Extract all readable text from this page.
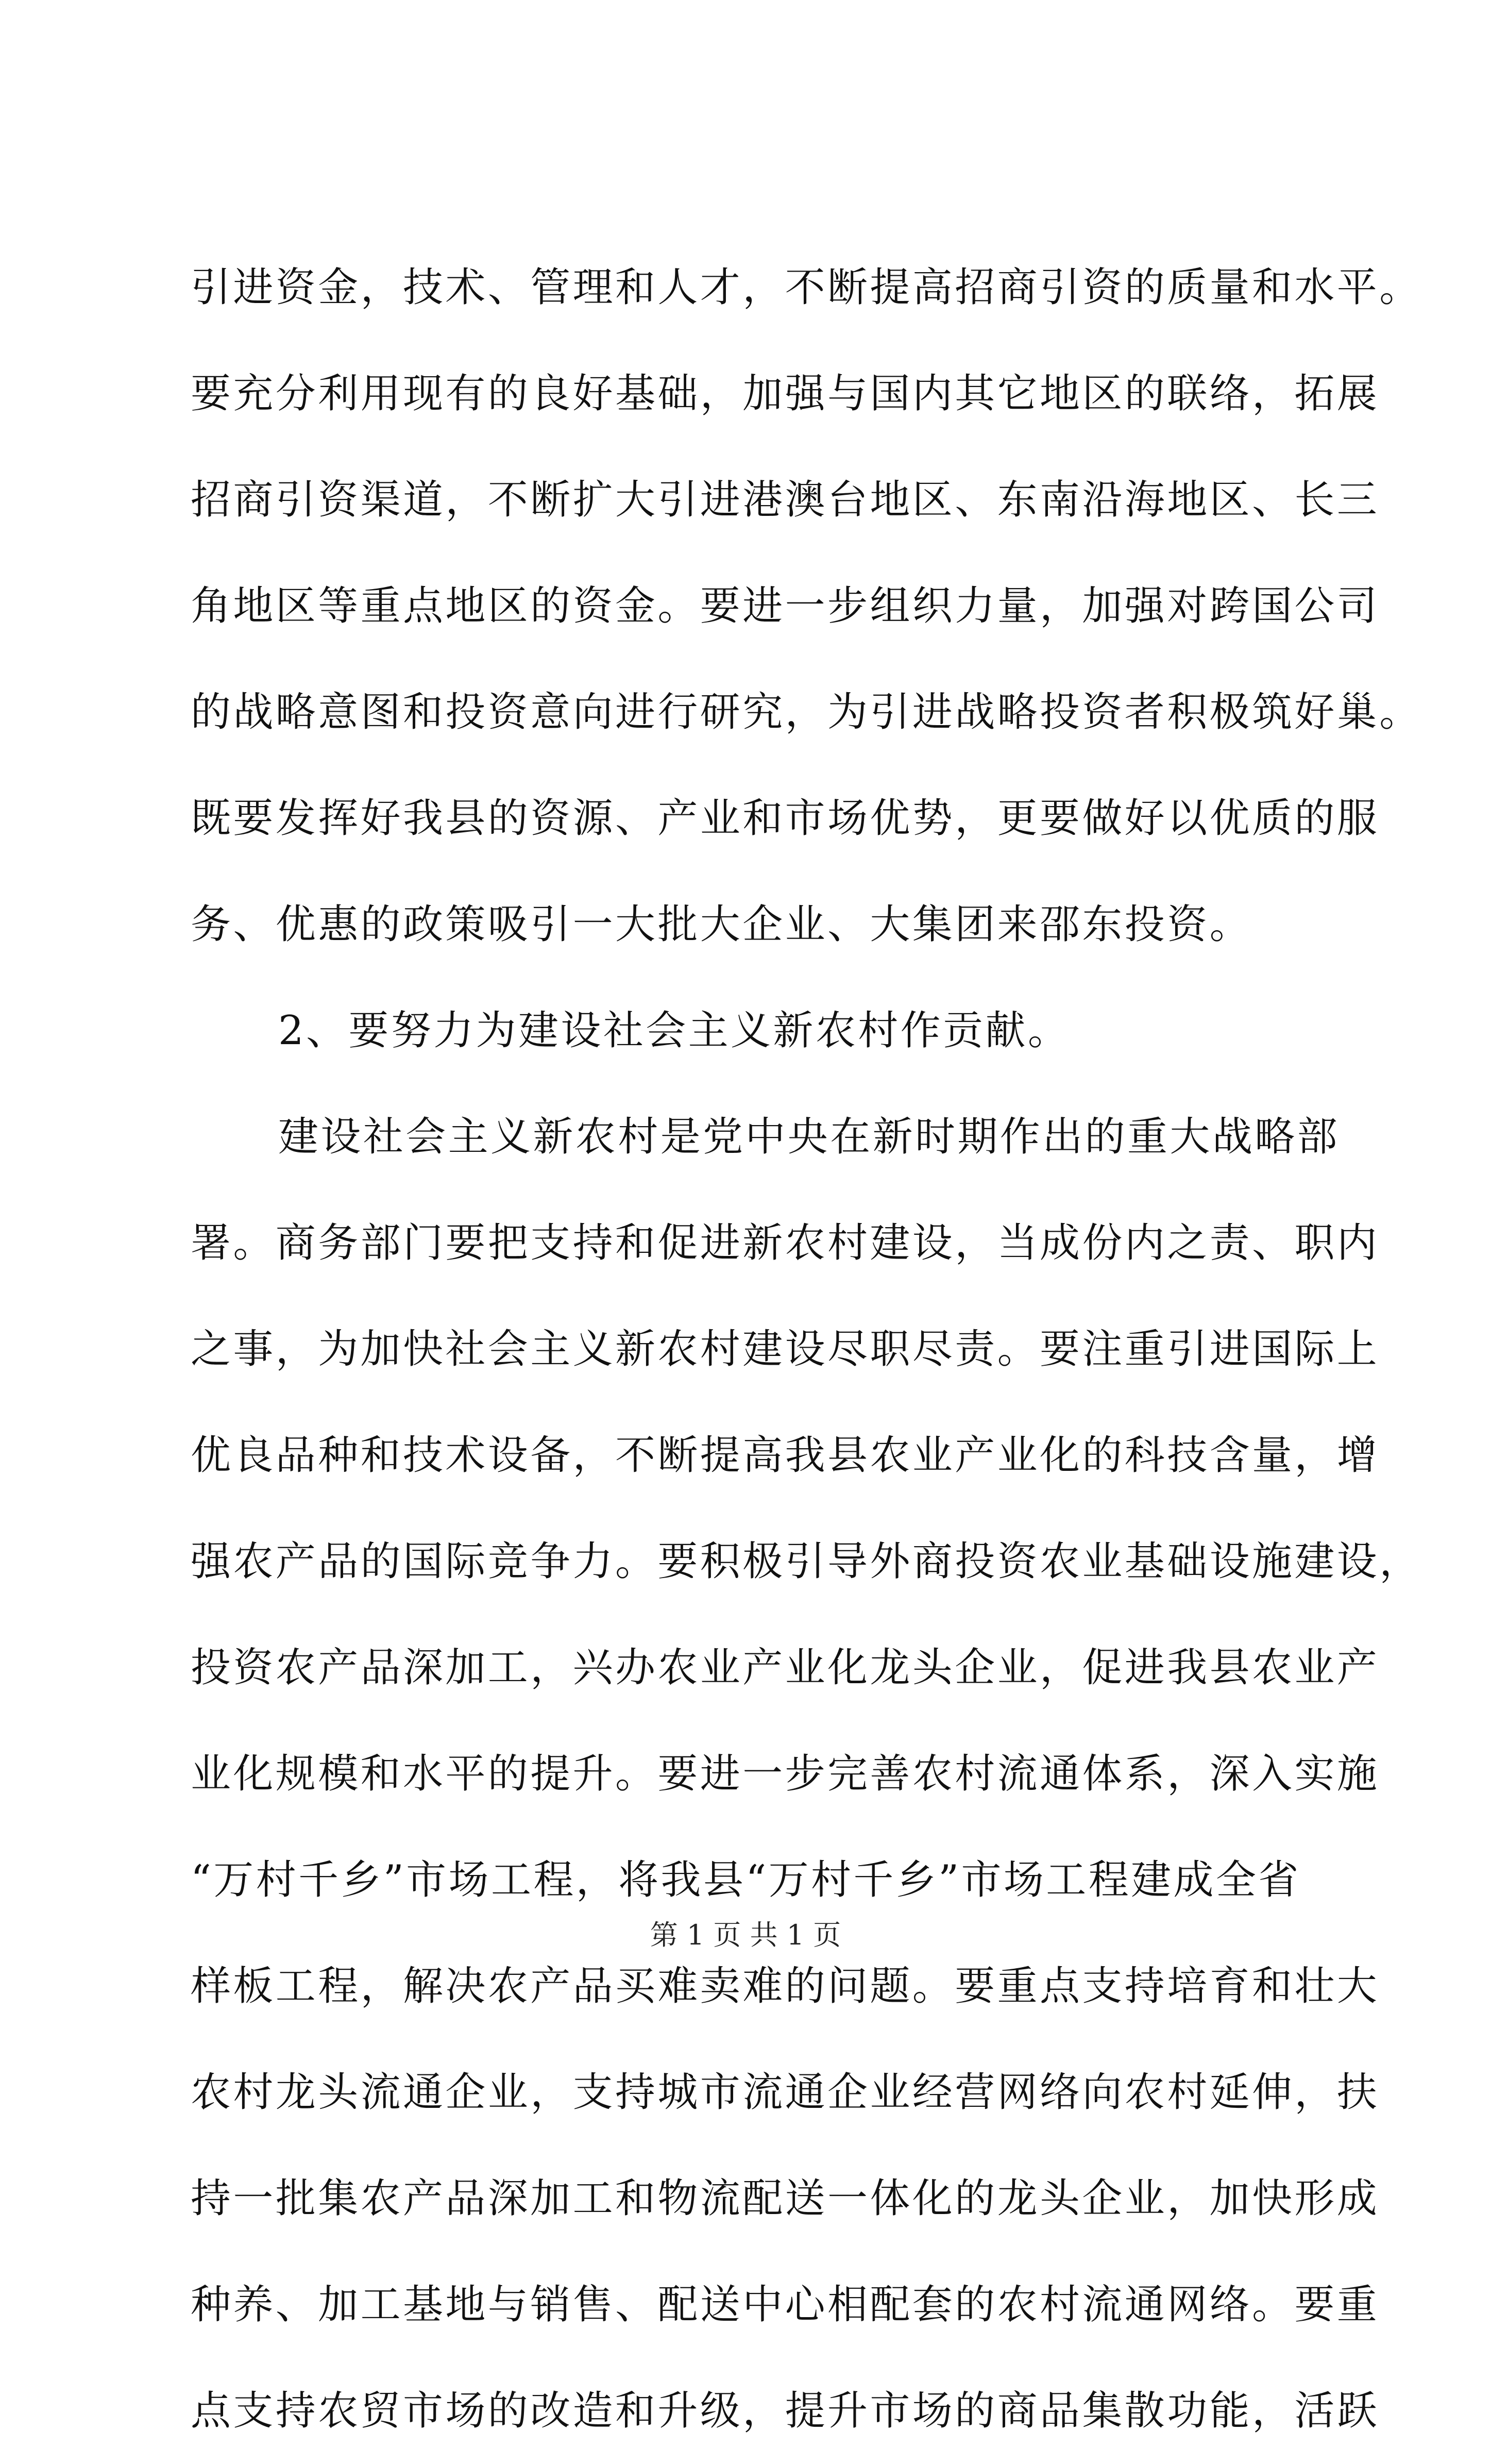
引进资金，技术、管理和人才，不断提高招商引资的质量和水平。
要充分利用现有的良好基础，加强与国内其它地区的联络，拓展
招商引资渠道，不断扩大引进港澳台地区、东南沿海地区、长三
角地区等重点地区的资金。要进一步组织力量，加强对跨国公司
的战略意图和投资意向进行研究，为引进战略投资者积极筑好巢。
既要发挥好我县的资源、产业和市场优势，更要做好以优质的服
务、优惠的政策吸引一大批大企业、大集团来邵东投资。
2、要努力为建设社会主义新农村作贡献。
建设社会主义新农村是党中央在新时期作出的重大战略部
署。商务部门要把支持和促进新农村建设，当成份内之责、职内
之事，为加快社会主义新农村建设尽职尽责。要注重引进国际上
优良品种和技术设备，不断提高我县农业产业化的科技含量，增
强农产品的国际竞争力。要积极引导外商投资农业基础设施建设，
投资农产品深加工，兴办农业产业化龙头企业，促进我县农业产
业化规模和水平的提升。要进一步完善农村流通体系，深入实施
“万村千乡”市场工程，将我县“万村千乡”市场工程建成全省
样板工程，解决农产品买难卖难的问题。要重点支持培育和壮大
农村龙头流通企业，支持城市流通企业经营网络向农村延伸，扶
持一批集农产品深加工和物流配送一体化的龙头企业，加快形成
种养、加工基地与销售、配送中心相配套的农村流通网络。要重
点支持农贸市场的改造和升级，提升市场的商品集散功能，活跃
第 1 页 共 1 页
